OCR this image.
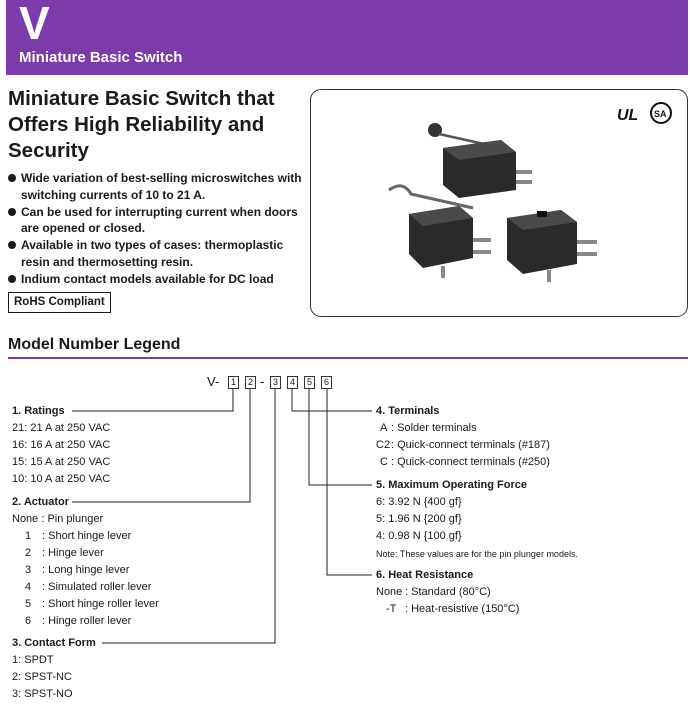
V
Miniature Basic Switch
Miniature Basic Switch that Offers High Reliability and Security
Wide variation of best-selling microswitches with switching currents of 10 to 21 A.
Can be used for interrupting current when doors are opened or closed.
Available in two types of cases: thermoplastic resin and thermosetting resin.
Indium contact models available for DC load
RoHS Compliant
UL SA
Model Number Legend
V-	1	2 - 3	4	5	6
1. Ratings
21: 21 A at 250 VAC
16: 16 A at 250 VAC
15: 15 A at 250 VAC
10: 10 A at 250 VAC
2. Actuator
None : Pin plunger
1 : Short hinge lever
2 : Hinge lever
3 : Long hinge lever
4 : Simulated roller lever
5 : Short hinge roller lever
6 : Hinge roller lever
3. Contact Form
1: SPDT
2: SPST-NC
3: SPST-NO
4. Terminals
A : Solder terminals
C2 : Quick-connect terminals (#187)
C : Quick-connect terminals (#250)
5. Maximum Operating Force
6: 3.92 N {400 gf}
5: 1.96 N {200 gf}
4: 0.98 N {100 gf}
Note: These values are for the pin plunger models.
6. Heat Resistance
None : Standard (80°C)
-T : Heat-resistive (150°C)
